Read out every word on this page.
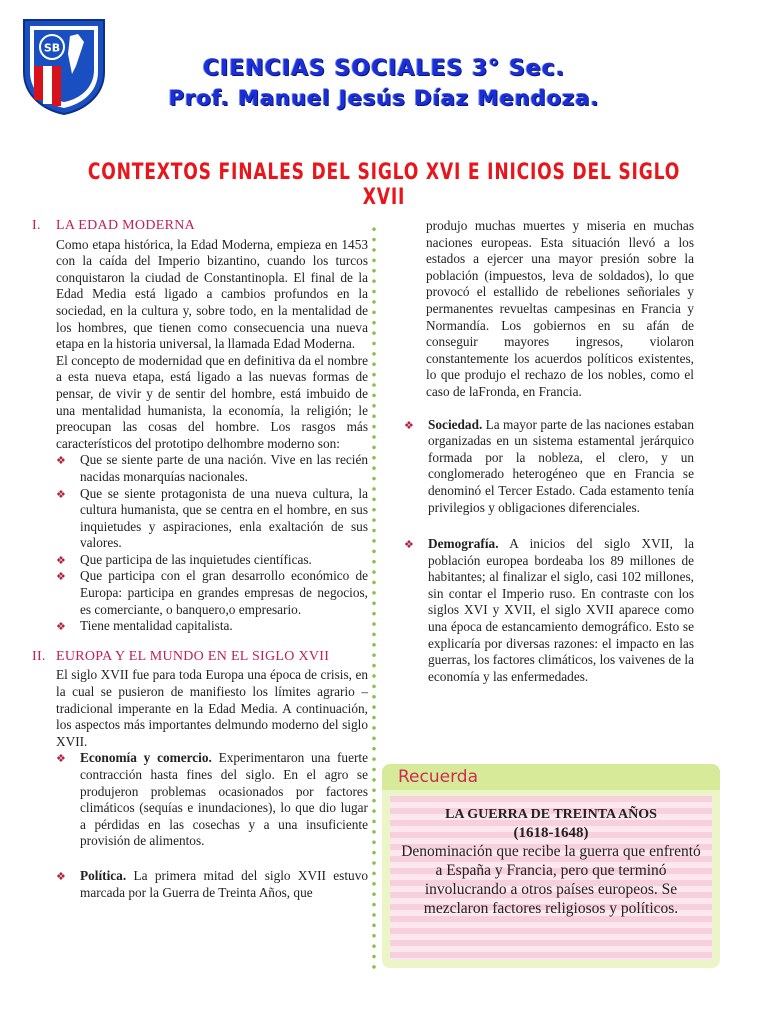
SB
CIENCIAS SOCIALES 3° Sec.
Prof. Manuel Jesús Díaz Mendoza.
CONTEXTOS FINALES DEL SIGLO XVI E INICIOS DEL SIGLO XVII
I. LA EDAD MODERNA

Como etapa histórica, la Edad Moderna, empieza en 1453 con la caída del Imperio bizantino, cuando los turcos conquistaron la ciudad de Constantinopla. El final de la Edad Media está ligado a cambios profundos en la sociedad, en la cultura y, sobre todo, en la mentalidad de los hombres, que tienen como consecuencia una nueva etapa en la historia universal, la llamada Edad Moderna.

El concepto de modernidad que en definitiva da el nombre a esta nueva etapa, está ligado a las nuevas formas de pensar, de vivir y de sentir del hombre, está imbuido de una mentalidad humanista, la economía, la religión; le preocupan las cosas del hombre. Los rasgos más característicos del prototipo delhombre moderno son:

❖ Que se siente parte de una nación. Vive en las recién nacidas monarquías nacionales.
❖ Que se siente protagonista de una nueva cultura, la cultura humanista, que se centra en el hombre, en sus inquietudes y aspiraciones, enla exaltación de sus valores.
❖ Que participa de las inquietudes científicas.
❖ Que participa con el gran desarrollo económico de Europa: participa en grandes empresas de negocios, es comerciante, o banquero,o empresario.
❖ Tiene mentalidad capitalista.
II. EUROPA Y EL MUNDO EN EL SIGLO XVII

El siglo XVII fue para toda Europa una época de crisis, en la cual se pusieron de manifiesto los límites agrario – tradicional imperante en la Edad Media. A continuación, los aspectos más importantes delmundo moderno del siglo XVII.

❖ Economía y comercio. Experimentaron una fuerte contracción hasta fines del siglo. En el agro se produjeron problemas ocasionados por factores climáticos (sequías e inundaciones), lo que dio lugar a pérdidas en las cosechas y a una insuficiente provisión de alimentos.
❖ Política. La primera mitad del siglo XVII estuvo marcada por la Guerra de Treinta Años, que

produjo muchas muertes y miseria en muchas naciones europeas. Esta situación llevó a los estados a ejercer una mayor presión sobre la población (impuestos, leva de soldados), lo que provocó el estallido de rebeliones señoriales y permanentes revueltas campesinas en Francia y Normandía. Los gobiernos en su afán de conseguir mayores ingresos, violaron constantemente los acuerdos políticos existentes, lo que produjo el rechazo de los nobles, como el caso de laFronda, en Francia.

❖ Sociedad. La mayor parte de las naciones estaban organizadas en un sistema estamental jerárquico formada por la nobleza, el clero, y un conglomerado heterogéneo que en Francia se denominó el Tercer Estado. Cada estamento tenía privilegios y obligaciones diferenciales.
❖ Demografía. A inicios del siglo XVII, la población europea bordeaba los 89 millones de habitantes; al finalizar el siglo, casi 102 millones, sin contar el Imperio ruso. En contraste con los siglos XVI y XVII, el siglo XVII aparece como una época de estancamiento demográfico. Esto se explicaría por diversas razones: el impacto en las guerras, los factores climáticos, los vaivenes de la economía y las enfermedades.
Recuerda
LA GUERRA DE TREINTA AÑOS
(1618-1648)
Denominación que recibe la guerra que enfrentó a España y Francia, pero que terminó involucrando a otros países europeos. Se mezclaron factores religiosos y políticos.
